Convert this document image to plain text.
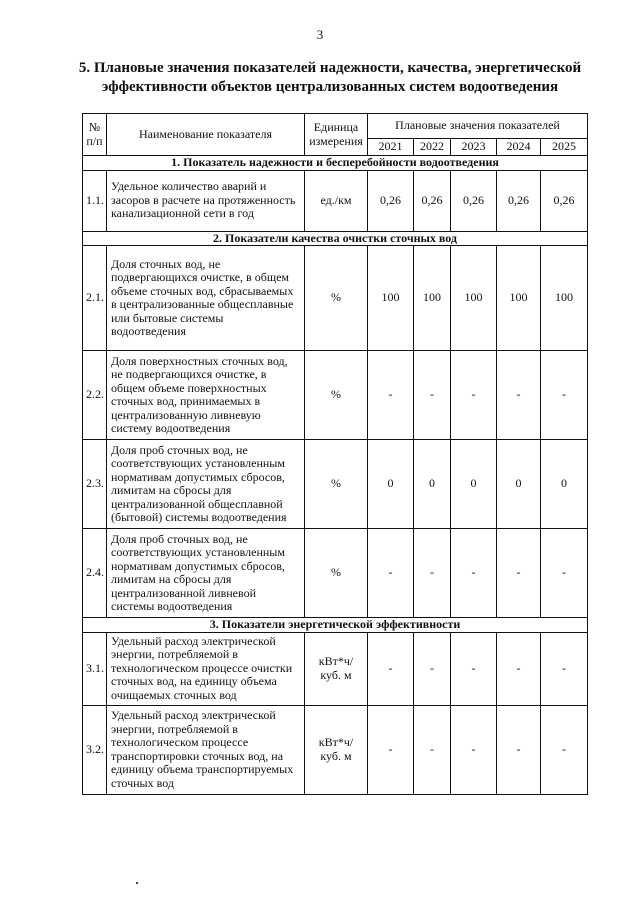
3
5. Плановые значения показателей надежности, качества, энергетической эффективности объектов централизованных систем водоотведения
№ п/п	Наименование показателя	Единица измерения	Плановые значения показателей				
			2021	2022	2023	2024	2025
1. Показатель надежности и бесперебойности водоотведения							
1.1.	Удельное количество аварий и засоров в расчете на протяженность канализационной сети в год	ед./км	0,26	0,26	0,26	0,26	0,26
2. Показатели качества очистки сточных вод							
2.1.	Доля сточных вод, не подвергающихся очистке, в общем объеме сточных вод, сбрасываемых в централизованные общесплавные или бытовые системы водоотведения	%	100	100	100	100	100
2.2.	Доля поверхностных сточных вод, не подвергающихся очистке, в общем объеме поверхностных сточных вод, принимаемых в централизованную ливневую систему водоотведения	%	-	-	-	-	-
2.3.	Доля проб сточных вод, не соответствующих установленным нормативам допустимых сбросов, лимитам на сбросы для централизованной общесплавной (бытовой) системы водоотведения	%	0	0	0	0	0
2.4.	Доля проб сточных вод, не соответствующих установленным нормативам допустимых сбросов, лимитам на сбросы для централизованной ливневой системы водоотведения	%	-	-	-	-	-
3. Показатели энергетической эффективности							
3.1.	Удельный расход электрической энергии, потребляемой в технологическом процессе очистки сточных вод, на единицу объема очищаемых сточных вод	кВт*ч/ куб. м	-	-	-	-	-
3.2.	Удельный расход электрической энергии, потребляемой в технологическом процессе транспортировки сточных вод, на единицу объема транспортируемых сточных вод	кВт*ч/ куб. м	-	-	-	-	-
